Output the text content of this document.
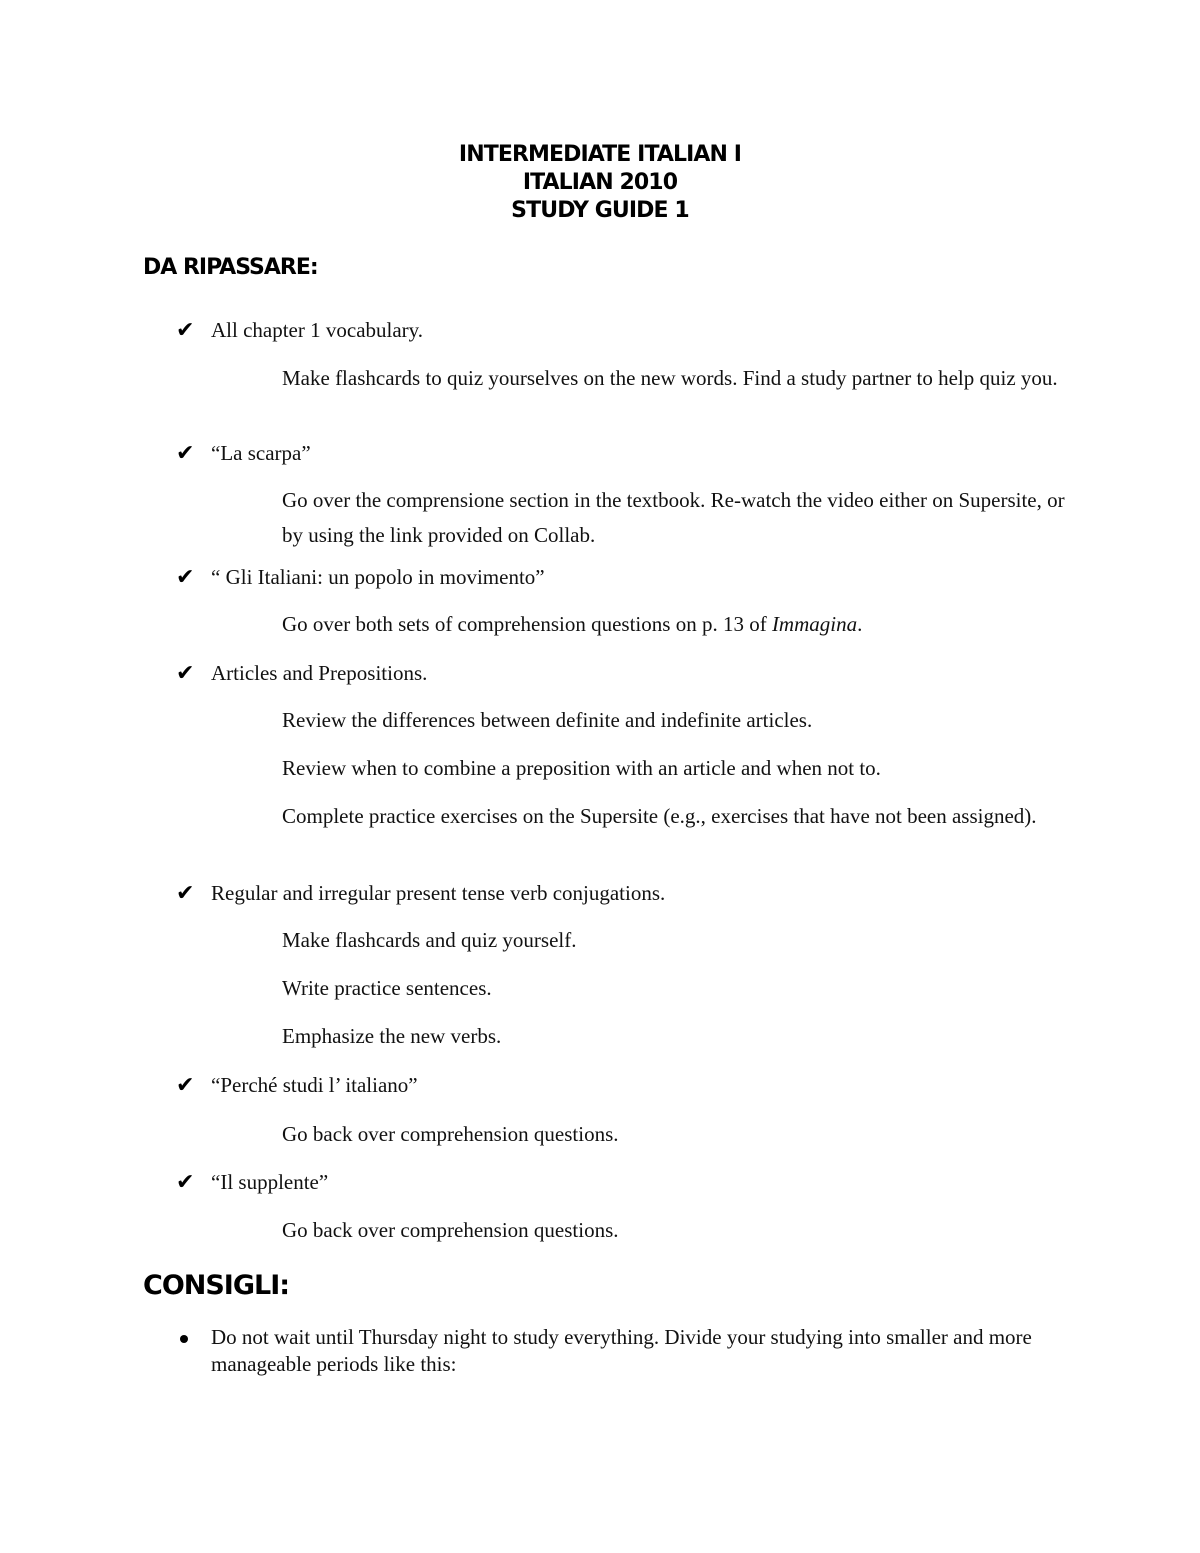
INTERMEDIATE ITALIAN I
ITALIAN 2010
STUDY GUIDE 1
DA RIPASSARE:
✔ All chapter 1 vocabulary.
Make flashcards to quiz yourselves on the new words. Find a study partner to help quiz you.
✔ “La scarpa”
Go over the comprensione section in the textbook. Re-watch the video either on Supersite, or by using the link provided on Collab.
✔ “ Gli Italiani: un popolo in movimento”
Go over both sets of comprehension questions on p. 13 of Immagina.
✔ Articles and Prepositions.
Review the differences between definite and indefinite articles.
Review when to combine a preposition with an article and when not to.
Complete practice exercises on the Supersite (e.g., exercises that have not been assigned).
✔ Regular and irregular present tense verb conjugations.
Make flashcards and quiz yourself.
Write practice sentences.
Emphasize the new verbs.
✔ “Perché studi l’ italiano”
Go back over comprehension questions.
✔ “Il supplente”
Go back over comprehension questions.
CONSIGLI:
Do not wait until Thursday night to study everything. Divide your studying into smaller and more manageable periods like this:
